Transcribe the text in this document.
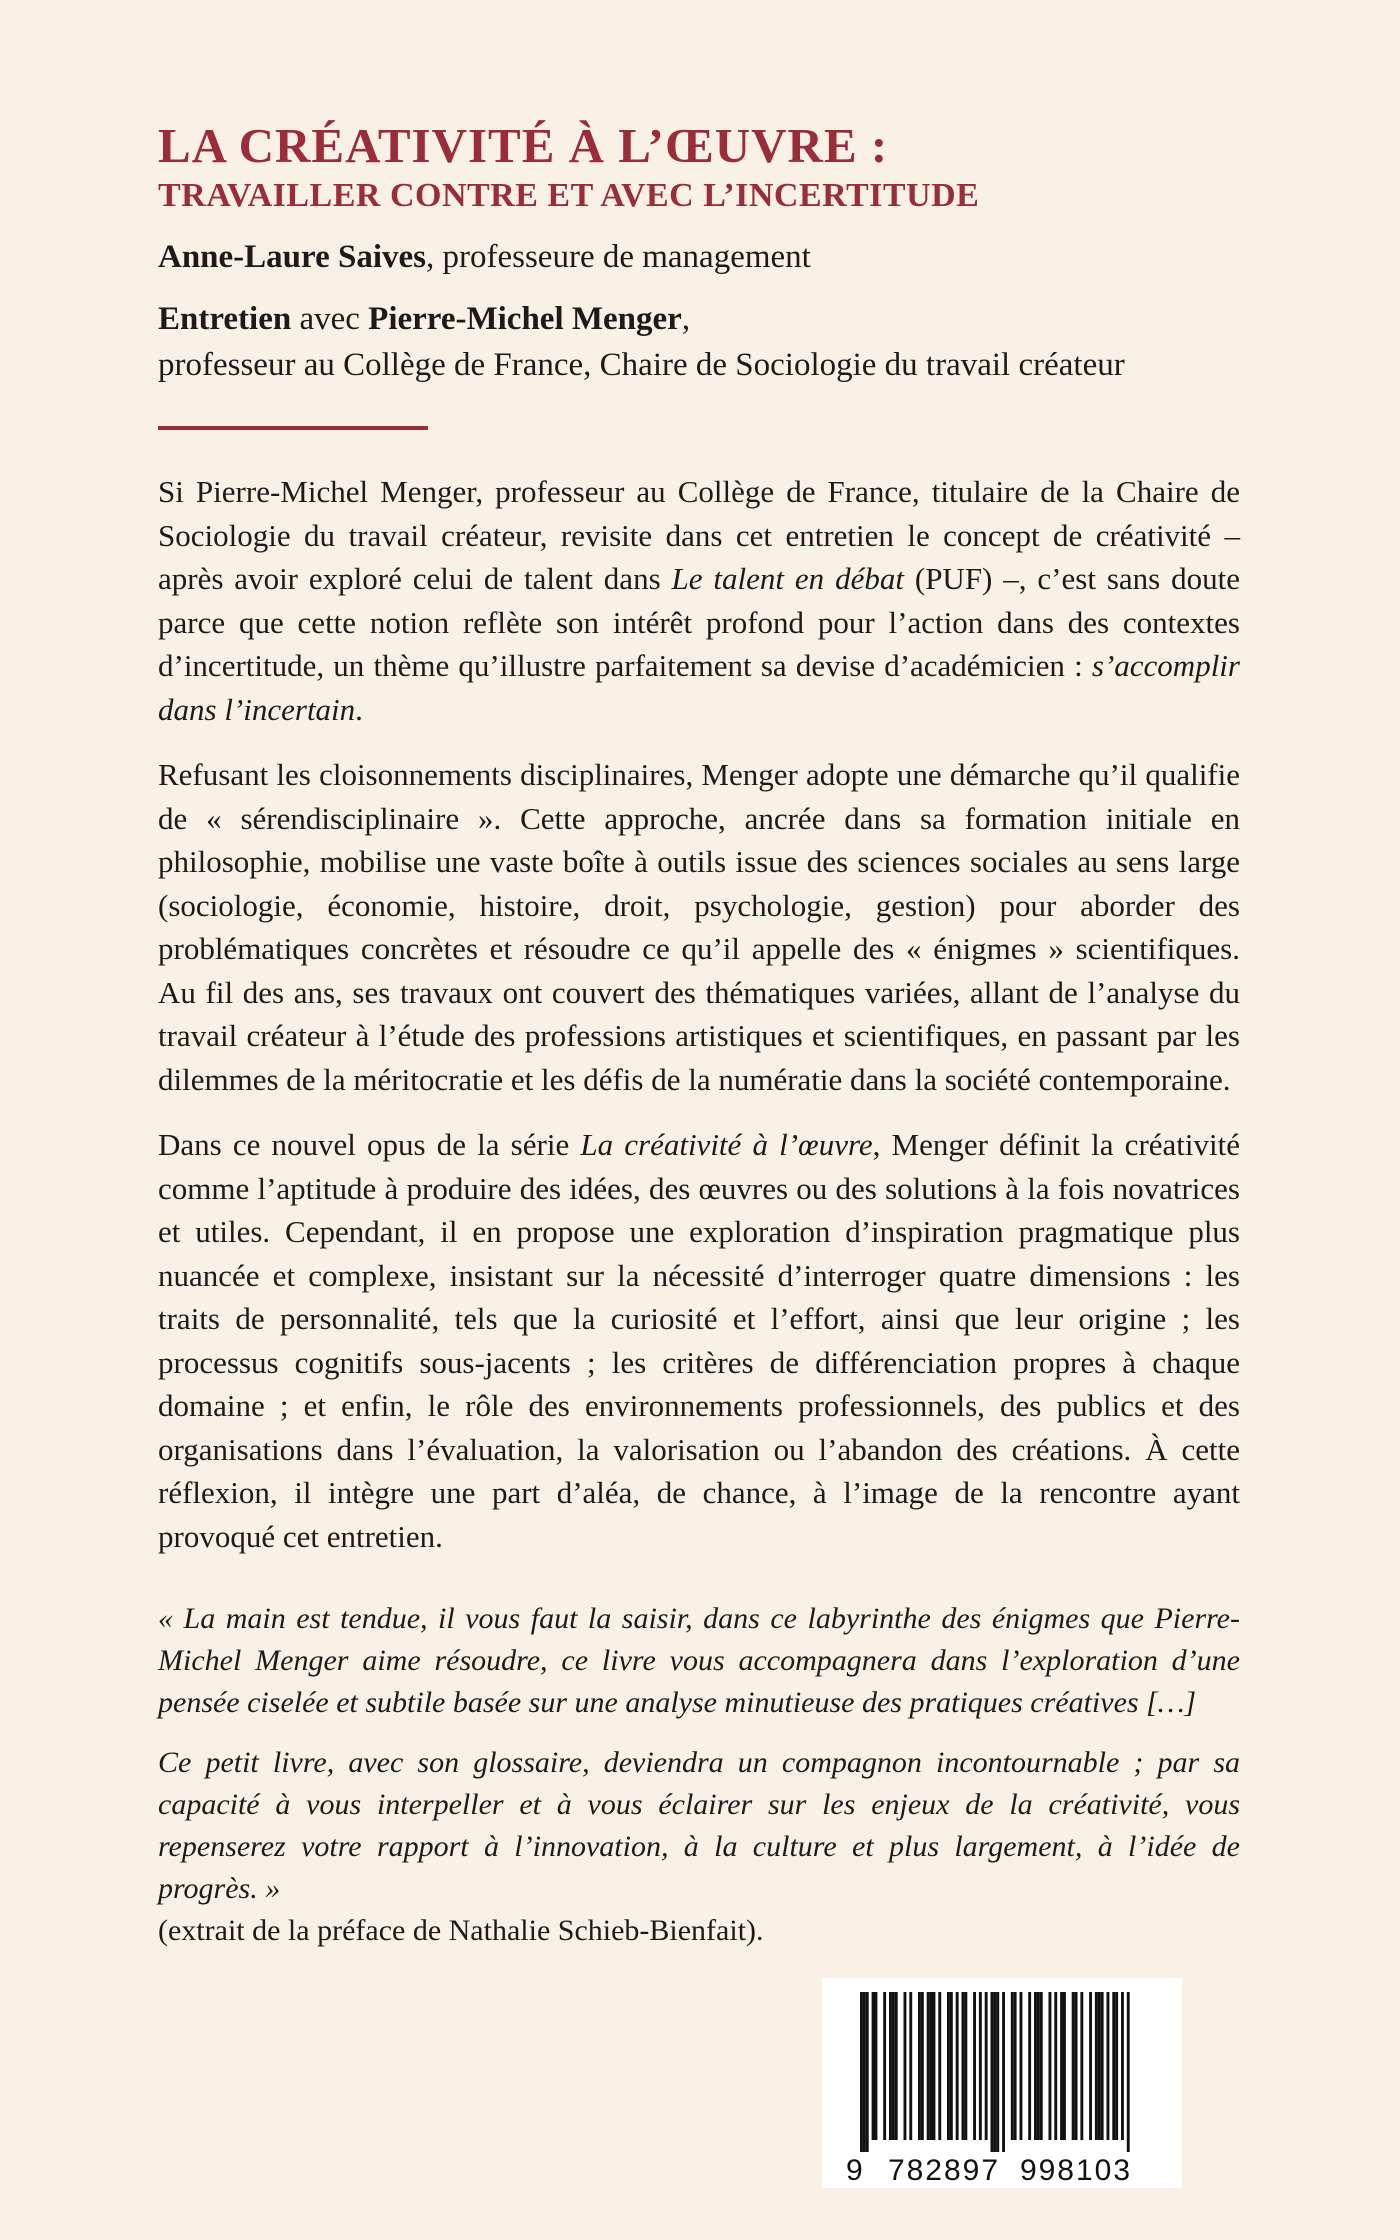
LA CRÉATIVITÉ À L’ŒUVRE :
TRAVAILLER CONTRE ET AVEC L’INCERTITUDE
Anne-Laure Saives, professeure de management
Entretien avec Pierre-Michel Menger,
professeur au Collège de France, Chaire de Sociologie du travail créateur

Si Pierre-Michel Menger, professeur au Collège de France, titulaire de la Chaire de Sociologie du travail créateur, revisite dans cet entretien le concept de créativité – après avoir exploré celui de talent dans Le talent en débat (PUF) –, c’est sans doute parce que cette notion reflète son intérêt profond pour l’action dans des contextes d’incertitude, un thème qu’illustre parfaitement sa devise d’académicien : s’accomplir dans l’incertain.

Refusant les cloisonnements disciplinaires, Menger adopte une démarche qu’il qualifie de « sérendisciplinaire ». Cette approche, ancrée dans sa formation initiale en philosophie, mobilise une vaste boîte à outils issue des sciences sociales au sens large (sociologie, économie, histoire, droit, psychologie, gestion) pour aborder des problématiques concrètes et résoudre ce qu’il appelle des « énigmes » scientifiques. Au fil des ans, ses travaux ont couvert des thématiques variées, allant de l’analyse du travail créateur à l’étude des professions artistiques et scientifiques, en passant par les dilemmes de la méritocratie et les défis de la numératie dans la société contemporaine.

Dans ce nouvel opus de la série La créativité à l’œuvre, Menger définit la créativité comme l’aptitude à produire des idées, des œuvres ou des solutions à la fois novatrices et utiles. Cependant, il en propose une exploration d’inspiration pragmatique plus nuancée et complexe, insistant sur la nécessité d’interroger quatre dimensions : les traits de personnalité, tels que la curiosité et l’effort, ainsi que leur origine ; les processus cognitifs sous-jacents ; les critères de différenciation propres à chaque domaine ; et enfin, le rôle des environnements professionnels, des publics et des organisations dans l’évaluation, la valorisation ou l’abandon des créations. À cette réflexion, il intègre une part d’aléa, de chance, à l’image de la rencontre ayant provoqué cet entretien.

« La main est tendue, il vous faut la saisir, dans ce labyrinthe des énigmes que Pierre-Michel Menger aime résoudre, ce livre vous accompagnera dans l’exploration d’une pensée ciselée et subtile basée sur une analyse minutieuse des pratiques créatives […]

Ce petit livre, avec son glossaire, deviendra un compagnon incontournable ; par sa capacité à vous interpeller et à vous éclairer sur les enjeux de la créativité, vous repenserez votre rapport à l’innovation, à la culture et plus largement, à l’idée de progrès. »
(extrait de la préface de Nathalie Schieb-Bienfait).

9 782897 998103
